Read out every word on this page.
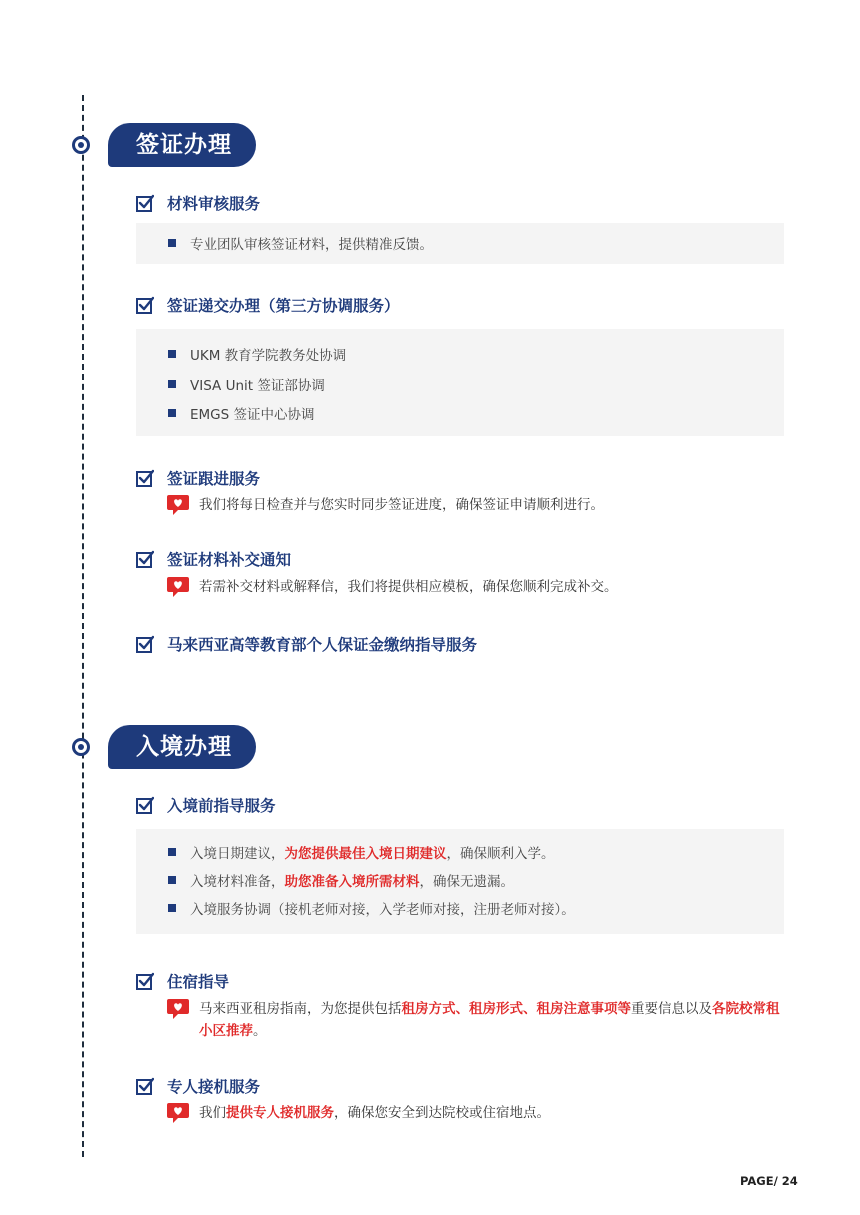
签证办理
材料审核服务
专业团队审核签证材料，提供精准反馈。
签证递交办理（第三方协调服务）
UKM 教育学院教务处协调
VISA Unit 签证部协调
EMGS 签证中心协调
签证跟进服务
我们将每日检查并与您实时同步签证进度，确保签证申请顺利进行。
签证材料补交通知
若需补交材料或解释信，我们将提供相应模板，确保您顺利完成补交。
马来西亚高等教育部个人保证金缴纳指导服务
入境办理
入境前指导服务
入境日期建议， 为您提供最佳入境日期建议 ，确保顺利入学。
入境材料准备， 助您准备入境所需材料 ，确保无遗漏。
入境服务协调（接机老师对接，入学老师对接，注册老师对接）。
住宿指导
马来西亚租房指南，为您提供包括租房方式、租房形式、租房注意事项等重要信息以及各院校常租小区推荐。
专人接机服务
我们提供专人接机服务，确保您安全到达院校或住宿地点。
PAGE/ 24
